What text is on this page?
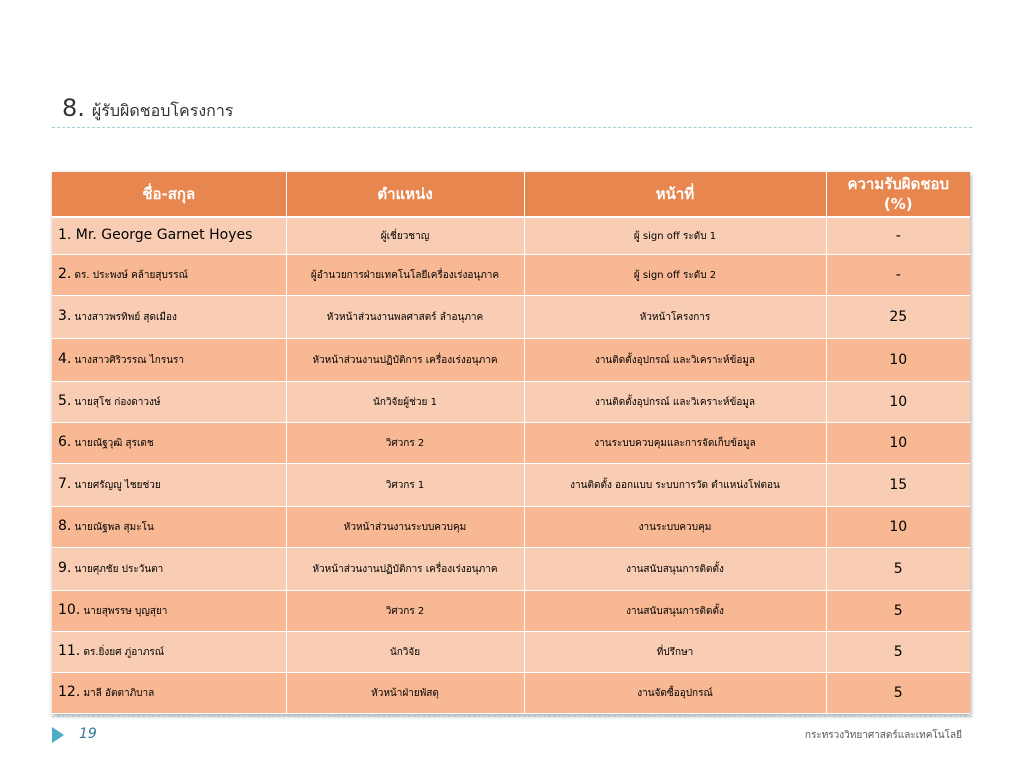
8. ผู้รับผิดชอบโครงการ
ชื่อ-สกุล	ตำแหน่ง	หน้าที่	ความรับผิดชอบ (%)
1. Mr. George Garnet Hoyes	ผู้เชี่ยวชาญ	ผู้ sign off ระดับ 1	-
2. ดร. ประพงษ์ คล้ายสุบรรณ์	ผู้อำนวยการฝ่ายเทคโนโลยีเครื่องเร่งอนุภาค	ผู้ sign off ระดับ 2	-
3. นางสาวพรทิพย์ สุดเมือง	หัวหน้าส่วนงานพลศาสตร์ ลำอนุภาค	หัวหน้าโครงการ	25
4. นางสาวศิริวรรณ ไกรนรา	หัวหน้าส่วนงานปฏิบัติการ เครื่องเร่งอนุภาค	งานติดตั้งอุปกรณ์ และวิเคราะห์ข้อมูล	10
5. นายสุโช ก่องดาวงษ์	นักวิจัยผู้ช่วย 1	งานติดตั้งอุปกรณ์ และวิเคราะห์ข้อมูล	10
6. นายณัฐวุฒิ สุรเดช	วิศวกร 2	งานระบบควบคุมและการจัดเก็บข้อมูล	10
7. นายศรัญญู ไชยช่วย	วิศวกร 1	งานติดตั้ง ออกแบบ ระบบการวัด ตำแหน่งโฟตอน	15
8. นายณัฐพล สุมะโน	หัวหน้าส่วนงานระบบควบคุม	งานระบบควบคุม	10
9. นายศุภชัย ประวันตา	หัวหน้าส่วนงานปฏิบัติการ เครื่องเร่งอนุภาค	งานสนับสนุนการติดตั้ง	5
10. นายสุพรรษ บุญสุยา	วิศวกร 2	งานสนับสนุนการติดตั้ง	5
11. ดร.ยิ่งยศ ภู่อาภรณ์	นักวิจัย	ที่ปรึกษา	5
12. มาลี อัตตาภิบาล	หัวหน้าฝ่ายพัสดุ	งานจัดซื้ออุปกรณ์	5
19	กระทรวงวิทยาศาสตร์และเทคโนโลยี
